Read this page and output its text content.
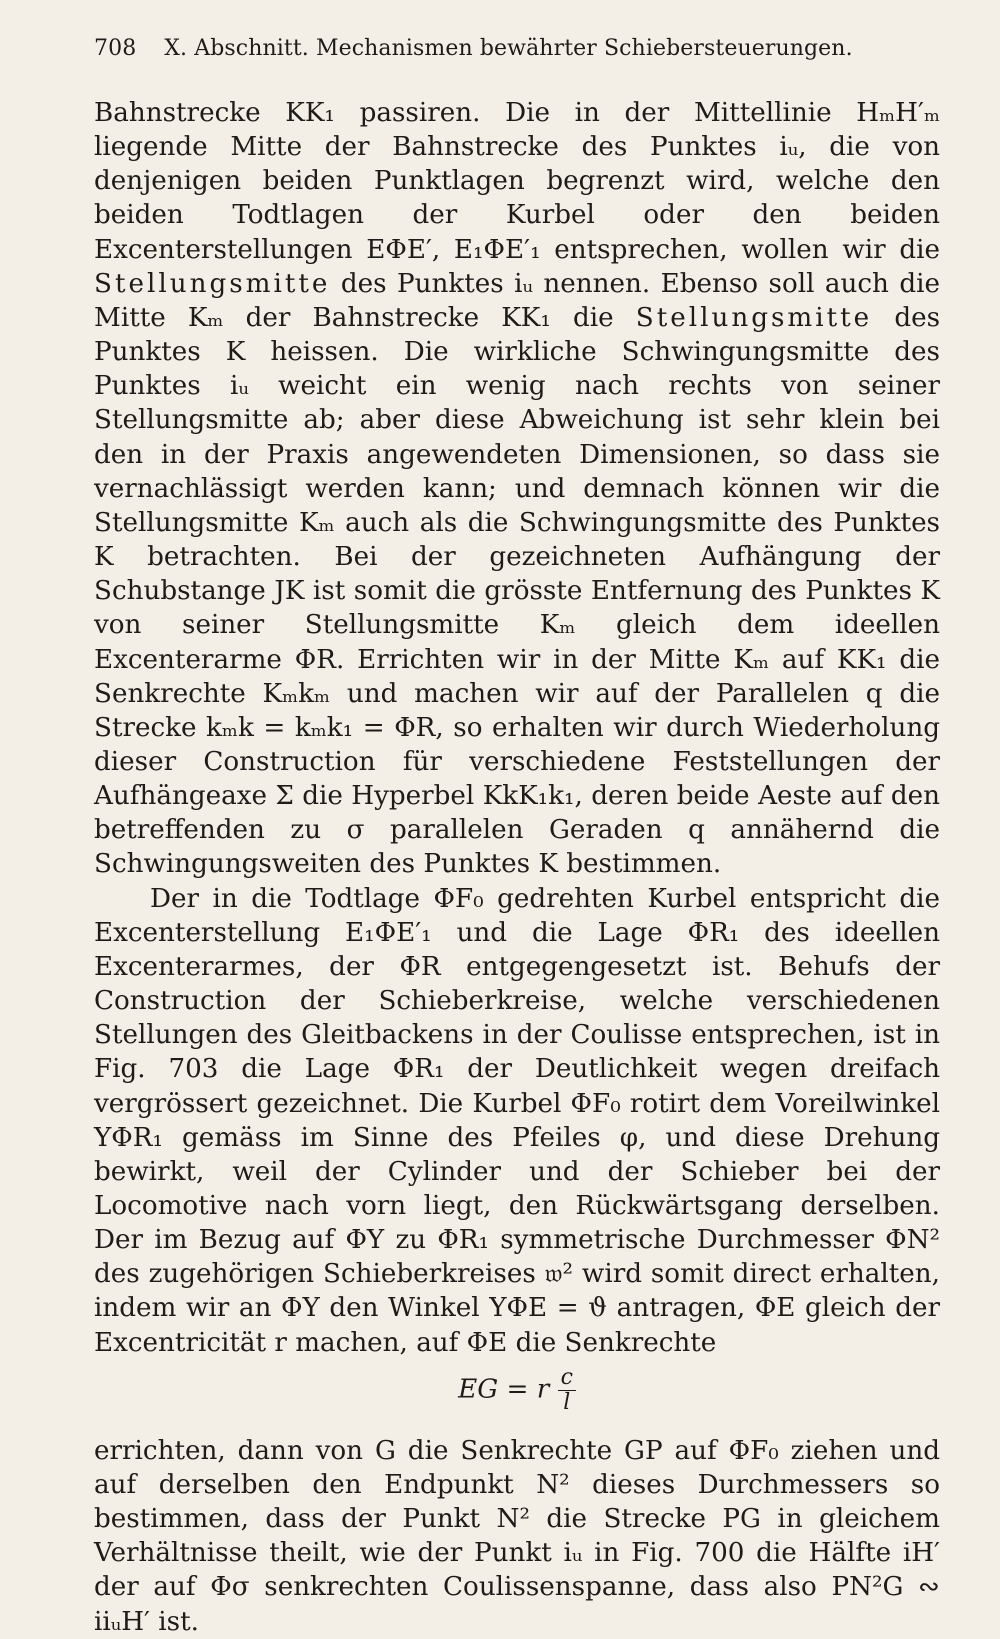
708 X. Abschnitt. Mechanismen bewährter Schiebersteuerungen.

Bahnstrecke KK₁ passiren. Die in der Mittellinie HₘH′ₘ liegende Mitte der Bahnstrecke des Punktes iᵤ, die von denjenigen beiden Punktlagen begrenzt wird, welche den beiden Todtlagen der Kurbel oder den beiden Excenterstellungen EΦE′, E₁ΦE′₁ entsprechen, wollen wir die Stellungsmitte des Punktes iᵤ nennen. Ebenso soll auch die Mitte Kₘ der Bahnstrecke KK₁ die Stellungsmitte des Punktes K heissen. Die wirkliche Schwingungsmitte des Punktes iᵤ weicht ein wenig nach rechts von seiner Stellungsmitte ab; aber diese Abweichung ist sehr klein bei den in der Praxis angewendeten Dimensionen, so dass sie vernachlässigt werden kann; und demnach können wir die Stellungsmitte Kₘ auch als die Schwingungsmitte des Punktes K betrachten. Bei der gezeichneten Aufhängung der Schubstange JK ist somit die grösste Entfernung des Punktes K von seiner Stellungsmitte Kₘ gleich dem ideellen Excenterarme ΦR. Errichten wir in der Mitte Kₘ auf KK₁ die Senkrechte Kₘkₘ und machen wir auf der Parallelen q die Strecke kₘk = kₘk₁ = ΦR, so erhalten wir durch Wiederholung dieser Construction für verschiedene Feststellungen der Aufhängeaxe Σ die Hyperbel KkK₁k₁, deren beide Aeste auf den betreffenden zu σ parallelen Geraden q annähernd die Schwingungsweiten des Punktes K bestimmen.

Der in die Todtlage ΦF₀ gedrehten Kurbel entspricht die Excenterstellung E₁ΦE′₁ und die Lage ΦR₁ des ideellen Excenterarmes, der ΦR entgegengesetzt ist. Behufs der Construction der Schieberkreise, welche verschiedenen Stellungen des Gleitbackens in der Coulisse entsprechen, ist in Fig. 703 die Lage ΦR₁ der Deutlichkeit wegen dreifach vergrössert gezeichnet. Die Kurbel ΦF₀ rotirt dem Voreilwinkel YΦR₁ gemäss im Sinne des Pfeiles φ, und diese Drehung bewirkt, weil der Cylinder und der Schieber bei der Locomotive nach vorn liegt, den Rückwärtsgang derselben. Der im Bezug auf ΦY zu ΦR₁ symmetrische Durchmesser ΦN² des zugehörigen Schieberkreises 𝔴² wird somit direct erhalten, indem wir an ΦY den Winkel YΦE = ϑ antragen, ΦE gleich der Excentricität r machen, auf ΦE die Senkrechte

EG = r $\frac{c}{l}$

errichten, dann von G die Senkrechte GP auf ΦF₀ ziehen und auf derselben den Endpunkt N² dieses Durchmessers so bestimmen, dass der Punkt N² die Strecke PG in gleichem Verhältnisse theilt, wie der Punkt iᵤ in Fig. 700 die Hälfte iH′ der auf Φσ senkrechten Coulissenspanne, dass also PN²G ∾ iiᵤH′ ist.
